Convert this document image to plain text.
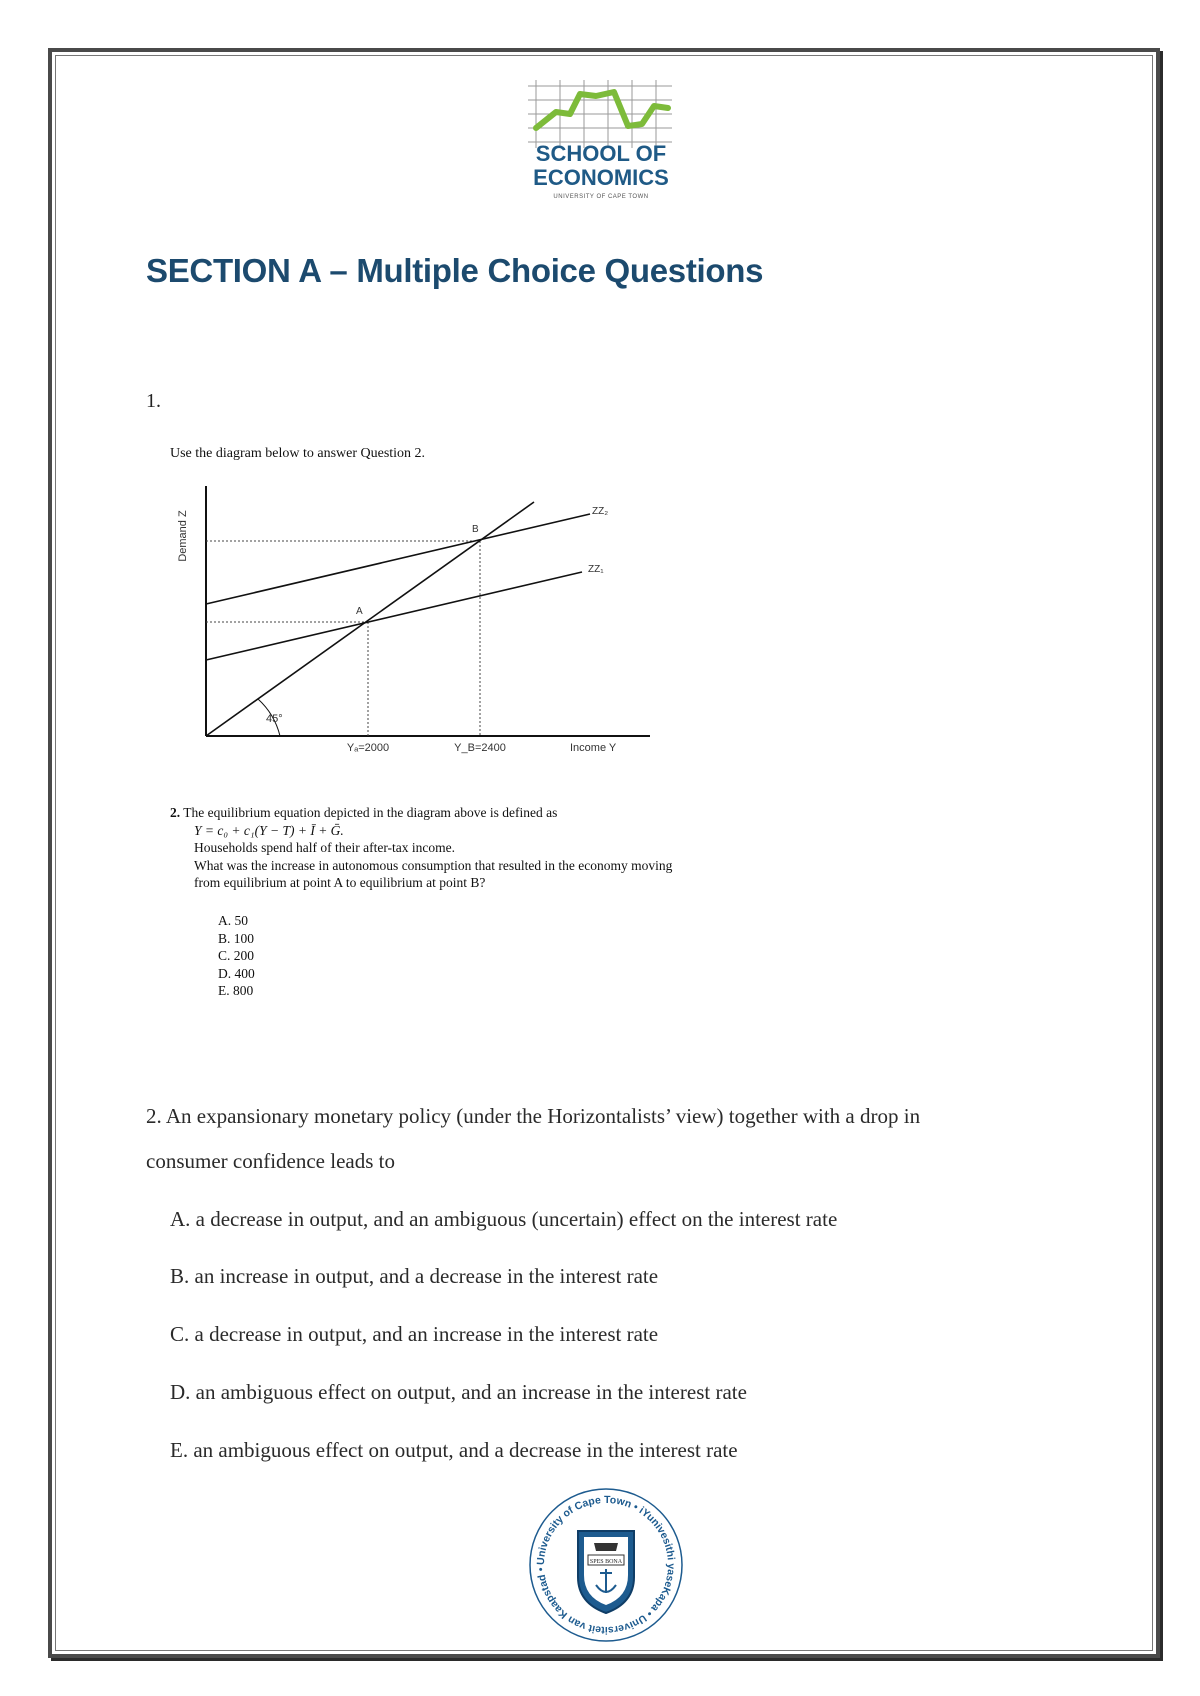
SCHOOL OF
ECONOMICS
UNIVERSITY OF CAPE TOWN
SECTION A – Multiple Choice Questions
1.
Use the diagram below to answer Question 2.
Demand Z
Income Y
45°
ZZ₂
ZZ₁
A
B
Yₐ=2000	Y_B=2400
2. The equilibrium equation depicted in the diagram above is defined as
Y = c₀ + c₁(Y − T) + Ī + Ḡ.
Households spend half of their after-tax income.
What was the increase in autonomous consumption that resulted in the economy moving
from equilibrium at point A to equilibrium at point B?
A. 50
B. 100
C. 200
D. 400
E. 800
2. An expansionary monetary policy (under the Horizontalists’ view) together with a drop in
consumer confidence leads to
A. a decrease in output, and an ambiguous (uncertain) effect on the interest rate
B. an increase in output, and a decrease in the interest rate
C. a decrease in output, and an increase in the interest rate
D. an ambiguous effect on output, and an increase in the interest rate
E. an ambiguous effect on output, and a decrease in the interest rate
University of Cape Town • iYunivesithi yaseKapa • Universiteit van Kaapstad •
SPES BONA
